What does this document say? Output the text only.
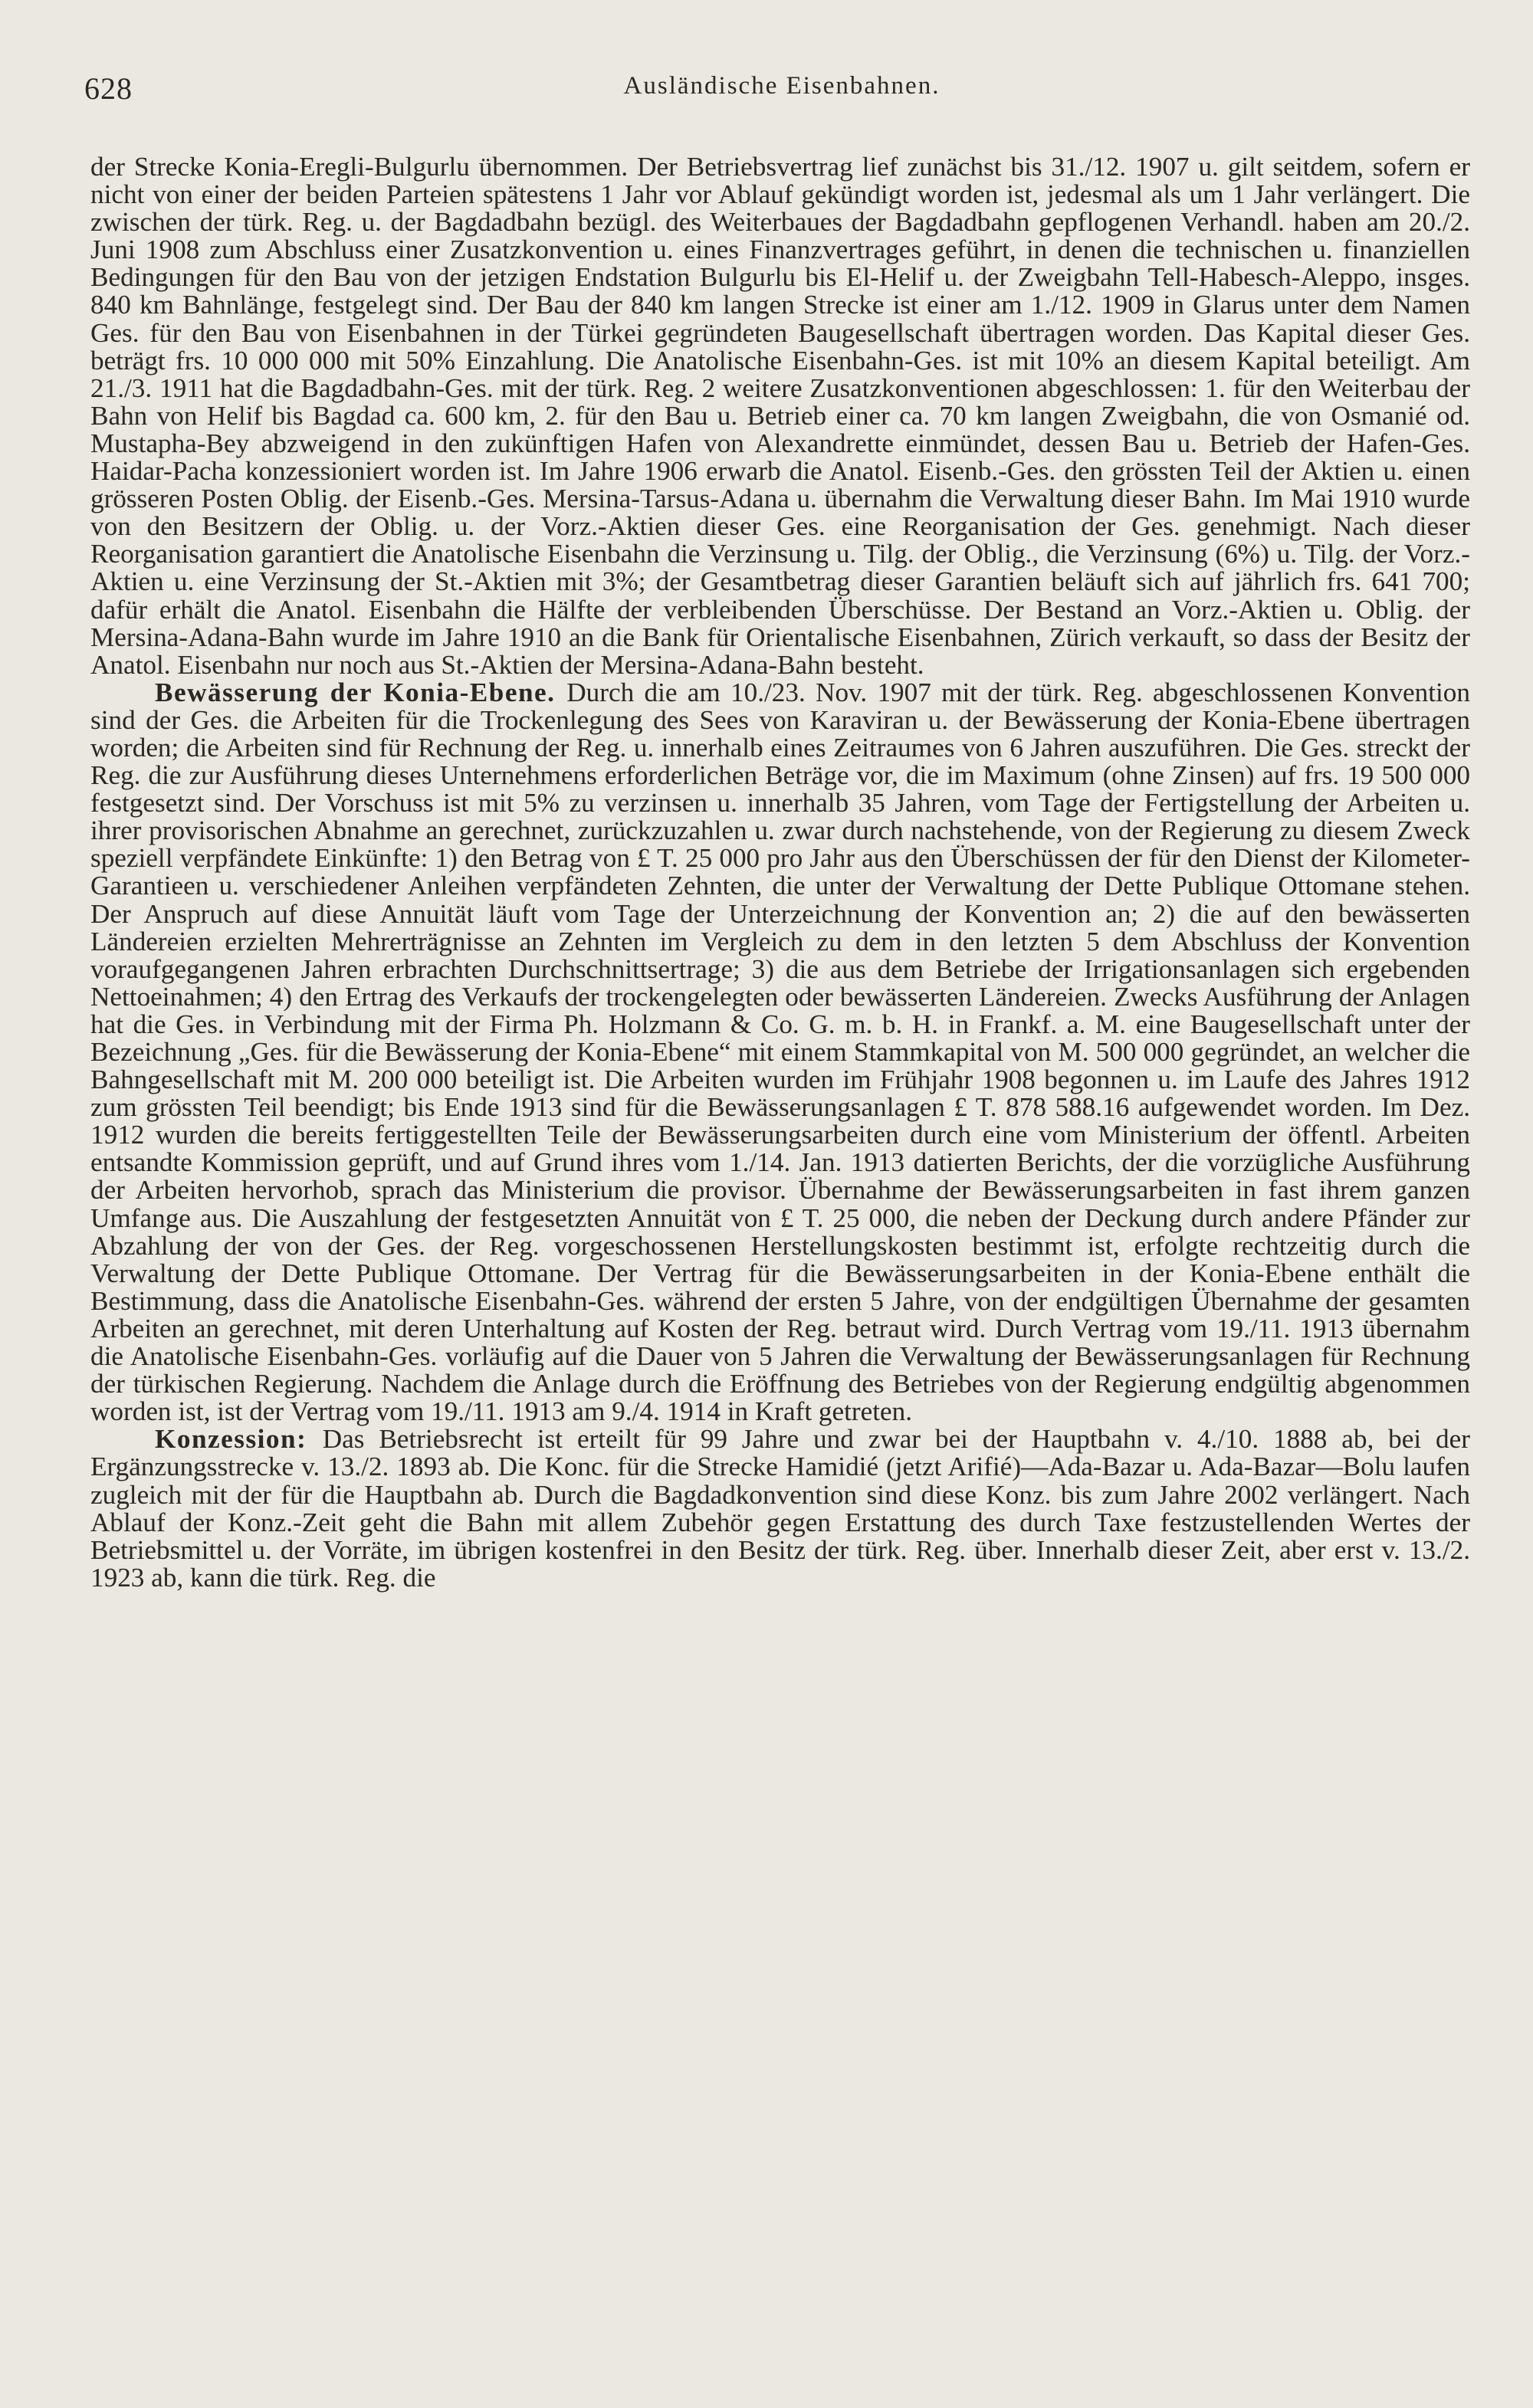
628	Ausländische Eisenbahnen.

der Strecke Konia-Eregli-Bulgurlu übernommen. Der Betriebsvertrag lief zunächst bis 31./12. 1907 u. gilt seitdem, sofern er nicht von einer der beiden Parteien spätestens 1 Jahr vor Ablauf gekündigt worden ist, jedesmal als um 1 Jahr verlängert. Die zwischen der türk. Reg. u. der Bagdadbahn bezügl. des Weiterbaues der Bagdadbahn gepflogenen Verhandl. haben am 20./2. Juni 1908 zum Abschluss einer Zusatzkonvention u. eines Finanzvertrages geführt, in denen die technischen u. finanziellen Bedingungen für den Bau von der jetzigen Endstation Bulgurlu bis El-Helif u. der Zweigbahn Tell-Habesch-Aleppo, insges. 840 km Bahnlänge, festgelegt sind. Der Bau der 840 km langen Strecke ist einer am 1./12. 1909 in Glarus unter dem Namen Ges. für den Bau von Eisenbahnen in der Türkei gegründeten Baugesellschaft übertragen worden. Das Kapital dieser Ges. beträgt frs. 10 000 000 mit 50% Einzahlung. Die Anatolische Eisenbahn-Ges. ist mit 10% an diesem Kapital beteiligt. Am 21./3. 1911 hat die Bagdadbahn-Ges. mit der türk. Reg. 2 weitere Zusatzkonventionen abgeschlossen: 1. für den Weiterbau der Bahn von Helif bis Bagdad ca. 600 km, 2. für den Bau u. Betrieb einer ca. 70 km langen Zweigbahn, die von Osmanié od. Mustapha-Bey abzweigend in den zukünftigen Hafen von Alexandrette einmündet, dessen Bau u. Betrieb der Hafen-Ges. Haidar-Pacha konzessioniert worden ist. Im Jahre 1906 erwarb die Anatol. Eisenb.-Ges. den grössten Teil der Aktien u. einen grösseren Posten Oblig. der Eisenb.-Ges. Mersina-Tarsus-Adana u. übernahm die Verwaltung dieser Bahn. Im Mai 1910 wurde von den Besitzern der Oblig. u. der Vorz.-Aktien dieser Ges. eine Reorganisation der Ges. genehmigt. Nach dieser Reorganisation garantiert die Anatolische Eisenbahn die Verzinsung u. Tilg. der Oblig., die Verzinsung (6%) u. Tilg. der Vorz.-Aktien u. eine Verzinsung der St.-Aktien mit 3%; der Gesamtbetrag dieser Garantien beläuft sich auf jährlich frs. 641 700; dafür erhält die Anatol. Eisenbahn die Hälfte der verbleibenden Überschüsse. Der Bestand an Vorz.-Aktien u. Oblig. der Mersina-Adana-Bahn wurde im Jahre 1910 an die Bank für Orientalische Eisenbahnen, Zürich verkauft, so dass der Besitz der Anatol. Eisenbahn nur noch aus St.-Aktien der Mersina-Adana-Bahn besteht.

Bewässerung der Konia-Ebene. Durch die am 10./23. Nov. 1907 mit der türk. Reg. abgeschlossenen Konvention sind der Ges. die Arbeiten für die Trockenlegung des Sees von Karaviran u. der Bewässerung der Konia-Ebene übertragen worden; die Arbeiten sind für Rechnung der Reg. u. innerhalb eines Zeitraumes von 6 Jahren auszuführen. Die Ges. streckt der Reg. die zur Ausführung dieses Unternehmens erforderlichen Beträge vor, die im Maximum (ohne Zinsen) auf frs. 19 500 000 festgesetzt sind. Der Vorschuss ist mit 5% zu verzinsen u. innerhalb 35 Jahren, vom Tage der Fertigstellung der Arbeiten u. ihrer provisorischen Abnahme an gerechnet, zurückzuzahlen u. zwar durch nachstehende, von der Regierung zu diesem Zweck speziell verpfändete Einkünfte: 1) den Betrag von £ T. 25 000 pro Jahr aus den Überschüssen der für den Dienst der Kilometer-Garantieen u. verschiedener Anleihen verpfändeten Zehnten, die unter der Verwaltung der Dette Publique Ottomane stehen. Der Anspruch auf diese Annuität läuft vom Tage der Unterzeichnung der Konvention an; 2) die auf den bewässerten Ländereien erzielten Mehrerträgnisse an Zehnten im Vergleich zu dem in den letzten 5 dem Abschluss der Konvention voraufgegangenen Jahren erbrachten Durchschnittsertrage; 3) die aus dem Betriebe der Irrigationsanlagen sich ergebenden Nettoeinahmen; 4) den Ertrag des Verkaufs der trockengelegten oder bewässerten Ländereien. Zwecks Ausführung der Anlagen hat die Ges. in Verbindung mit der Firma Ph. Holzmann & Co. G. m. b. H. in Frankf. a. M. eine Baugesellschaft unter der Bezeichnung „Ges. für die Bewässerung der Konia-Ebene“ mit einem Stammkapital von M. 500 000 gegründet, an welcher die Bahngesellschaft mit M. 200 000 beteiligt ist. Die Arbeiten wurden im Frühjahr 1908 begonnen u. im Laufe des Jahres 1912 zum grössten Teil beendigt; bis Ende 1913 sind für die Bewässerungsanlagen £ T. 878 588.16 aufgewendet worden. Im Dez. 1912 wurden die bereits fertiggestellten Teile der Bewässerungsarbeiten durch eine vom Ministerium der öffentl. Arbeiten entsandte Kommission geprüft, und auf Grund ihres vom 1./14. Jan. 1913 datierten Berichts, der die vorzügliche Ausführung der Arbeiten hervorhob, sprach das Ministerium die provisor. Übernahme der Bewässerungsarbeiten in fast ihrem ganzen Umfange aus. Die Auszahlung der festgesetzten Annuität von £ T. 25 000, die neben der Deckung durch andere Pfänder zur Abzahlung der von der Ges. der Reg. vorgeschossenen Herstellungskosten bestimmt ist, erfolgte rechtzeitig durch die Verwaltung der Dette Publique Ottomane. Der Vertrag für die Bewässerungsarbeiten in der Konia-Ebene enthält die Bestimmung, dass die Anatolische Eisenbahn-Ges. während der ersten 5 Jahre, von der endgültigen Übernahme der gesamten Arbeiten an gerechnet, mit deren Unterhaltung auf Kosten der Reg. betraut wird. Durch Vertrag vom 19./11. 1913 übernahm die Anatolische Eisenbahn-Ges. vorläufig auf die Dauer von 5 Jahren die Verwaltung der Bewässerungsanlagen für Rechnung der türkischen Regierung. Nachdem die Anlage durch die Eröffnung des Betriebes von der Regierung endgültig abgenommen worden ist, ist der Vertrag vom 19./11. 1913 am 9./4. 1914 in Kraft getreten.

Konzession: Das Betriebsrecht ist erteilt für 99 Jahre und zwar bei der Hauptbahn v. 4./10. 1888 ab, bei der Ergänzungsstrecke v. 13./2. 1893 ab. Die Konc. für die Strecke Hamidié (jetzt Arifié)—Ada-Bazar u. Ada-Bazar—Bolu laufen zugleich mit der für die Hauptbahn ab. Durch die Bagdadkonvention sind diese Konz. bis zum Jahre 2002 verlängert. Nach Ablauf der Konz.-Zeit geht die Bahn mit allem Zubehör gegen Erstattung des durch Taxe festzustellenden Wertes der Betriebsmittel u. der Vorräte, im übrigen kostenfrei in den Besitz der türk. Reg. über. Innerhalb dieser Zeit, aber erst v. 13./2. 1923 ab, kann die türk. Reg. die
